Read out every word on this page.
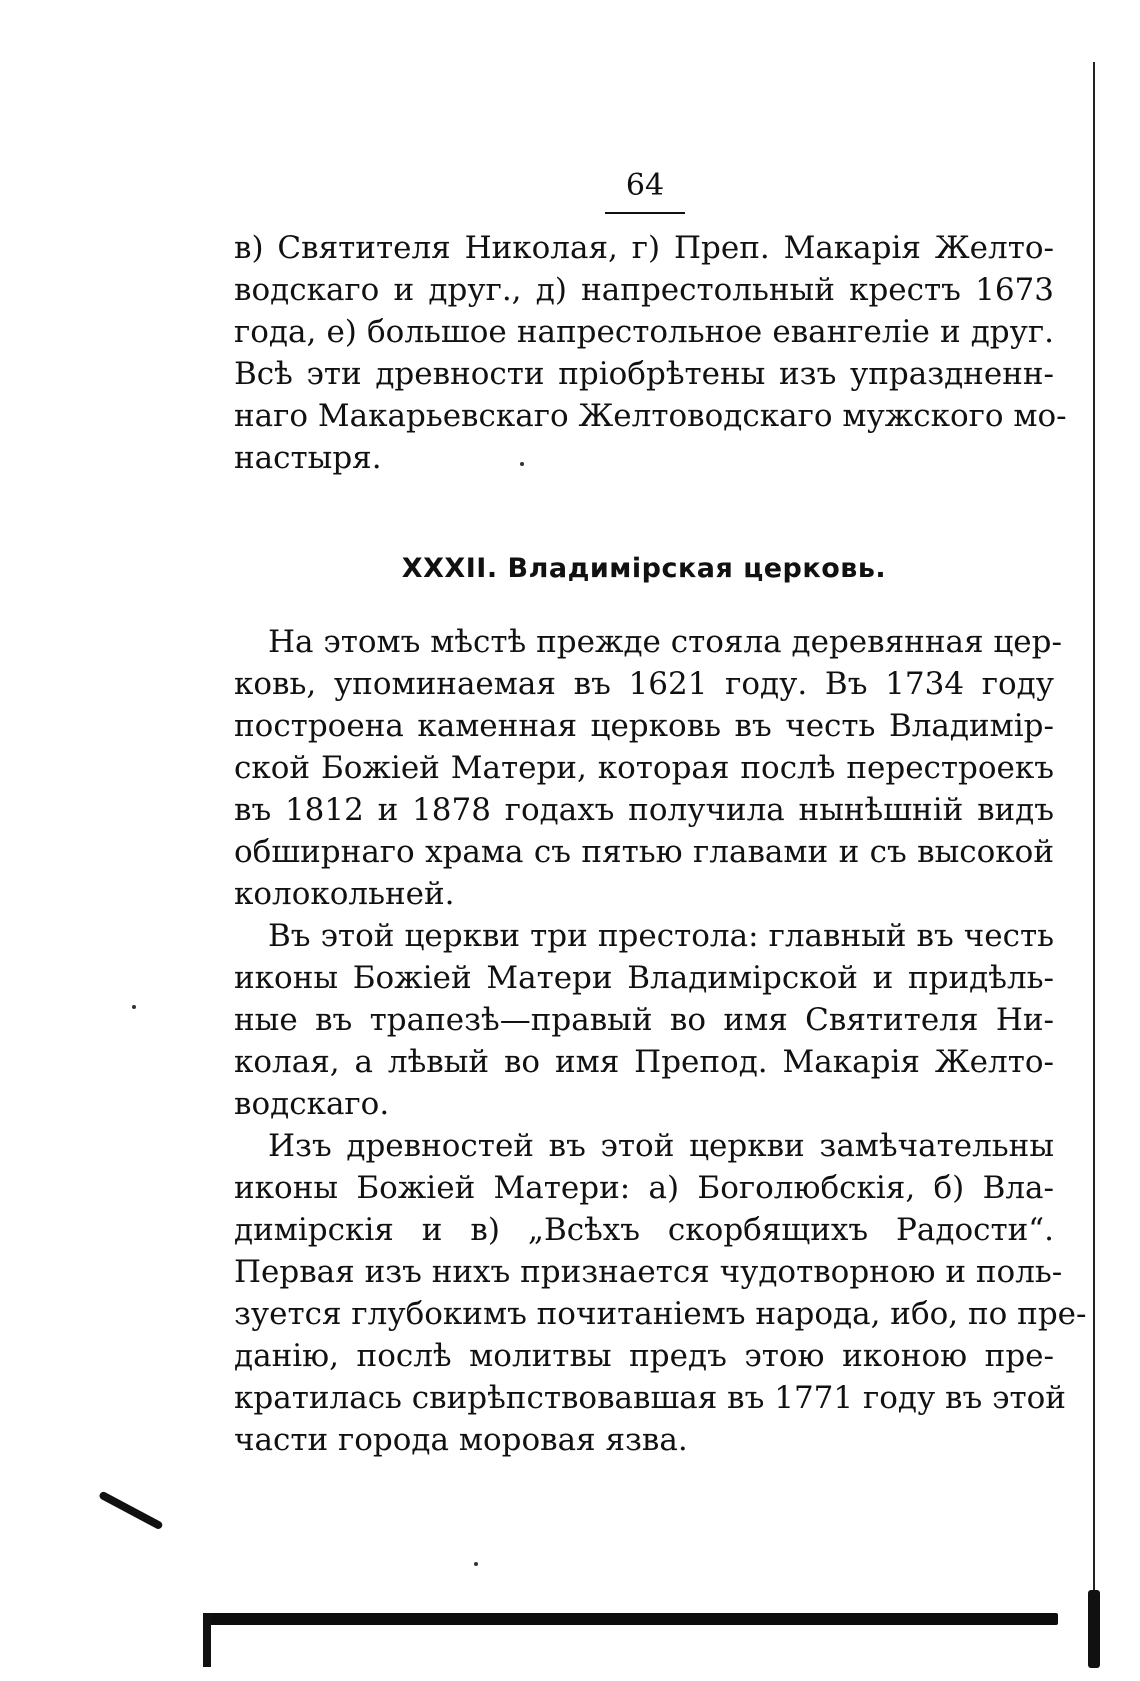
64
в) Святителя Николая, г) Преп. Макарія Желто-
водскаго и друг., д) напрестольный крестъ 1673
года, е) большое напрестольное евангеліе и друг.
Всѣ эти древности пріобрѣтены изъ упраздненн-
наго Макарьевскаго Желтоводскаго мужского мо-
настыря.
XXXII. Владимірская церковь.
На этомъ мѣстѣ прежде стояла деревянная цер-
ковь, упоминаемая въ 1621 году. Въ 1734 году
построена каменная церковь въ честь Владимір-
ской Божіей Матери, которая послѣ перестроекъ
въ 1812 и 1878 годахъ получила нынѣшній видъ
обширнаго храма съ пятью главами и съ высокой
колокольней.
Въ этой церкви три престола: главный въ честь
иконы Божіей Матери Владимірской и придѣль-
ные въ трапезѣ—правый во имя Святителя Ни-
колая, а лѣвый во имя Препод. Макарія Желто-
водскаго.
Изъ древностей въ этой церкви замѣчательны
иконы Божіей Матери: а) Боголюбскія, б) Вла-
димірскія и в) „Всѣхъ скорбящихъ Радости“.
Первая изъ нихъ признается чудотворною и поль-
зуется глубокимъ почитаніемъ народа, ибо, по пре-
данію, послѣ молитвы предъ этою иконою пре-
кратилась свирѣпствовавшая въ 1771 году въ этой
части города моровая язва.
